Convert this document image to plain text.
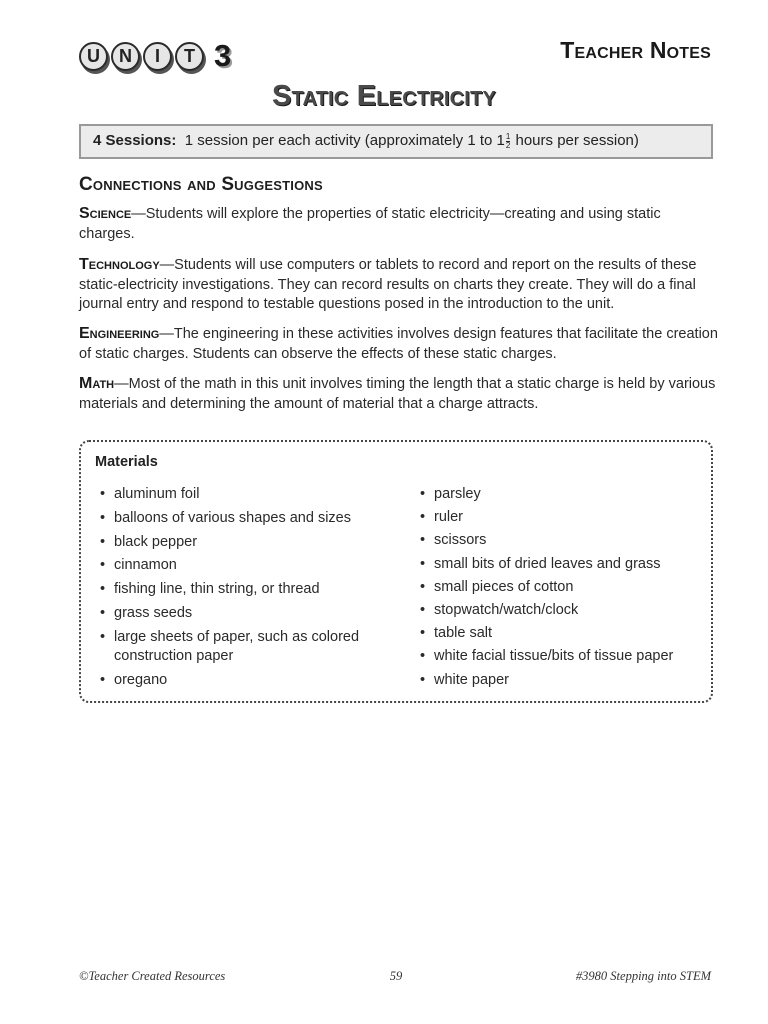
U	N	I	T 3	Teacher Notes
Static Electricity
4 Sessions: 1 session per each activity (approximately 1 to $1 \frac{1}{2}$ hours per session)
Connections and Suggestions
Science—Students will explore the properties of static electricity—creating and using static charges.
Technology—Students will use computers or tablets to record and report on the results of these static-electricity investigations. They can record results on charts they create. They will do a final journal entry and respond to testable questions posed in the introduction to the unit.
Engineering—The engineering in these activities involves design features that facilitate the creation of static charges. Students can observe the effects of these static charges.
Math—Most of the math in this unit involves timing the length that a static charge is held by various materials and determining the amount of material that a charge attracts.
Materials
• aluminum foil
• balloons of various shapes and sizes
• black pepper
• cinnamon
• fishing line, thin string, or thread
• grass seeds
• large sheets of paper, such as colored construction paper
• oregano
• parsley
• ruler
• scissors
• small bits of dried leaves and grass
• small pieces of cotton
• stopwatch/watch/clock
• table salt
• white facial tissue/bits of tissue paper
• white paper
©Teacher Created Resources	59	#3980 Stepping into STEM
